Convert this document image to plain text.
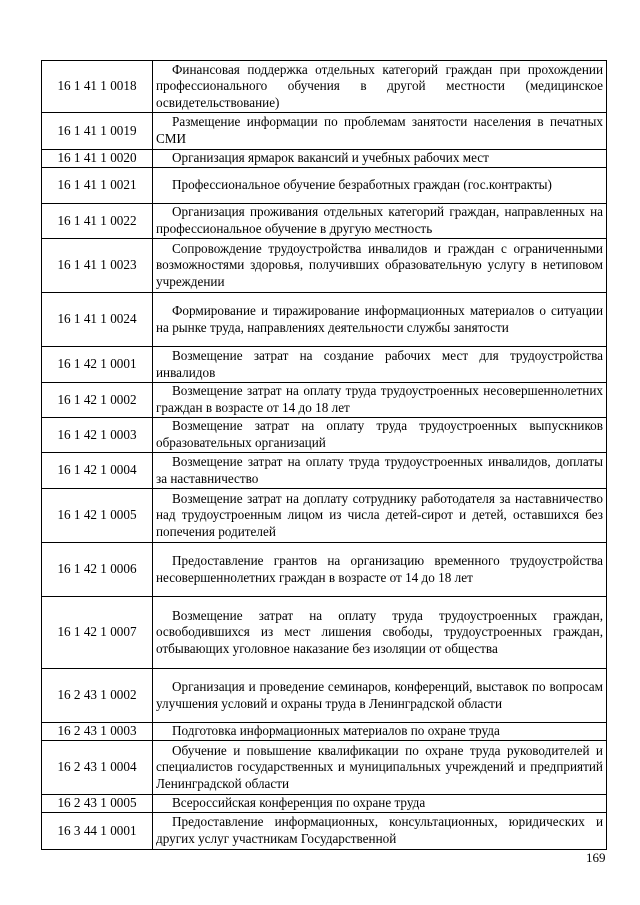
16 1 41 1 0018	Финансовая поддержка отдельных категорий граждан при прохождении профессионального обучения в другой местности (медицинское освидетельствование)
16 1 41 1 0019	Размещение информации по проблемам занятости населения в печатных СМИ
16 1 41 1 0020	Организация ярмарок вакансий и учебных рабочих мест
16 1 41 1 0021	Профессиональное обучение безработных граждан (гос.контракты)
16 1 41 1 0022	Организация проживания отдельных категорий граждан, направленных на профессиональное обучение в другую местность
16 1 41 1 0023	Сопровождение трудоустройства инвалидов и граждан с ограниченными возможностями здоровья, получивших образовательную услугу в нетиповом учреждении
16 1 41 1 0024	Формирование и тиражирование информационных материалов о ситуации на рынке труда, направлениях деятельности службы занятости
16 1 42 1 0001	Возмещение затрат на создание рабочих мест для трудоустройства инвалидов
16 1 42 1 0002	Возмещение затрат на оплату труда трудоустроенных несовершеннолетних граждан в возрасте от 14 до 18 лет
16 1 42 1 0003	Возмещение затрат на оплату труда трудоустроенных выпускников образовательных организаций
16 1 42 1 0004	Возмещение затрат на оплату труда трудоустроенных инвалидов, доплаты за наставничество
16 1 42 1 0005	Возмещение затрат на доплату сотруднику работодателя за наставничество над трудоустроенным лицом из числа детей-сирот и детей, оставшихся без попечения родителей
16 1 42 1 0006	Предоставление грантов на организацию временного трудоустройства несовершеннолетних граждан в возрасте от 14 до 18 лет
16 1 42 1 0007	Возмещение затрат на оплату труда трудоустроенных граждан, освободившихся из мест лишения свободы, трудоустроенных граждан, отбывающих уголовное наказание без изоляции от общества
16 2 43 1 0002	Организация и проведение семинаров, конференций, выставок по вопросам улучшения условий и охраны труда в Ленинградской области
16 2 43 1 0003	Подготовка информационных материалов по охране труда
16 2 43 1 0004	Обучение и повышение квалификации по охране труда руководителей и специалистов государственных и муниципальных учреждений и предприятий Ленинградской области
16 2 43 1 0005	Всероссийская конференция по охране труда
16 3 44 1 0001	Предоставление информационных, консультационных, юридических и других услуг участникам Государственной
169
